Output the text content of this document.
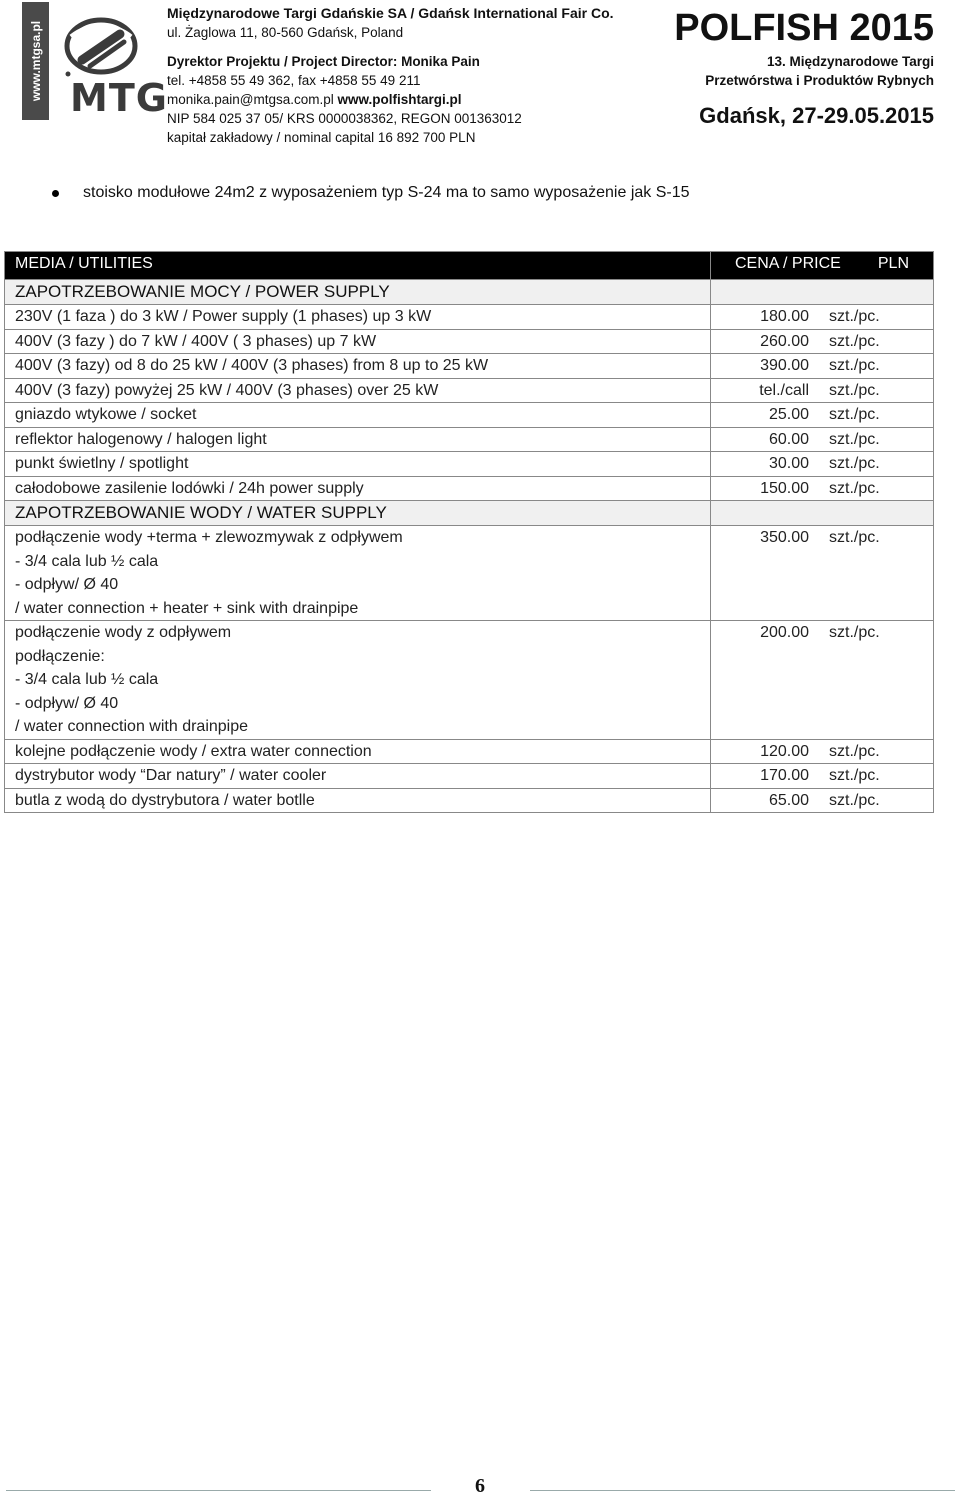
www.mtgsa.pl MTG
Międzynarodowe Targi Gdańskie SA / Gdańsk International Fair Co.
ul. Żaglowa 11, 80-560 Gdańsk, Poland
Dyrektor Projektu / Project Director: Monika Pain
tel. +4858 55 49 362, fax +4858 55 49 211
monika.pain@mtgsa.com.pl www.polfishtargi.pl
NIP 584 025 37 05/ KRS 0000038362, REGON 001363012
kapitał zakładowy / nominal capital 16 892 700 PLN
POLFISH 2015
13. Międzynarodowe Targi
Przetwórstwa i Produktów Rybnych
Gdańsk, 27-29.05.2015
stoisko modułowe 24m2 z wyposażeniem typ S-24 ma to samo wyposażenie jak S-15
MEDIA / UTILITIES	CENA / PRICE PLN

ZAPOTRZEBOWANIE MOCY / POWER SUPPLY	
230V (1 faza ) do 3 kW / Power supply (1 phases) up 3 kW	180.00 szt./pc.

400V (3 fazy ) do 7 kW / 400V ( 3 phases) up 7 kW	260.00 szt./pc.

400V (3 fazy) od 8 do 25 kW / 400V (3 phases) from 8 up to 25 kW	390.00 szt./pc.

400V (3 fazy) powyżej 25 kW / 400V (3 phases) over 25 kW	tel./call szt./pc.

gniazdo wtykowe / socket	25.00 szt./pc.

reflektor halogenowy / halogen light	60.00 szt./pc.

punkt świetlny / spotlight	30.00 szt./pc.

całodobowe zasilenie lodówki / 24h power supply	150.00 szt./pc.

ZAPOTRZEBOWANIE WODY / WATER SUPPLY	
podłączenie wody +terma + zlewozmywak z odpływem
- 3/4 cala lub ½ cala
- odpływ/ Ø 40
/ water connection + heater + sink with drainpipe	350.00 szt./pc.

podłączenie wody z odpływem
podłączenie:
- 3/4 cala lub ½ cala
- odpływ/ Ø 40
/ water connection with drainpipe	200.00 szt./pc.

kolejne podłączenie wody / extra water connection	120.00 szt./pc.

dystrybutor wody “Dar natury” / water cooler	170.00 szt./pc.

butla z wodą do dystrybutora / water botlle	65.00 szt./pc.
6
